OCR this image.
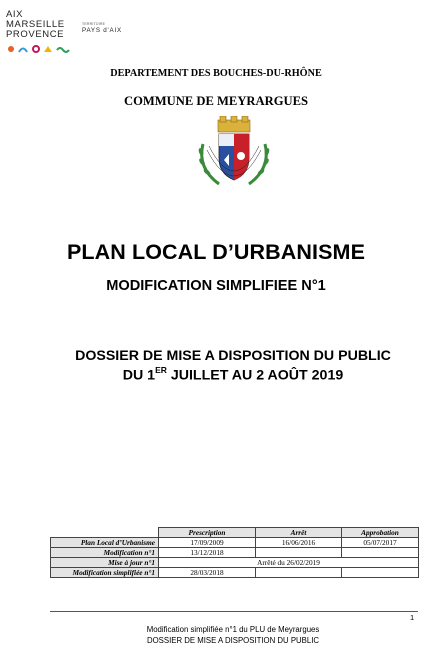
AIX
MARSEILLE
PROVENCE
TERRITOIRE
PAYS d'AIX
DEPARTEMENT DES BOUCHES-DU-RHÔNE
COMMUNE DE MEYRARGUES
PLAN LOCAL D’URBANISME
MODIFICATION SIMPLIFIEE N°1
DOSSIER DE MISE A DISPOSITION DU PUBLIC
DU 1ER JUILLET AU 2 AOÛT 2019
	Prescription	Arrêt	Approbation
Plan Local d’Urbanisme	17/09/2009	16/06/2016	05/07/2017
Modification n°1	13/12/2018		
Mise à jour n°1	Arrêté du 26/02/2019		
Modification simplifiée n°1	28/03/2018		
1
Modification simplifiée n°1 du PLU de Meyrargues
DOSSIER DE MISE A DISPOSITION DU PUBLIC
